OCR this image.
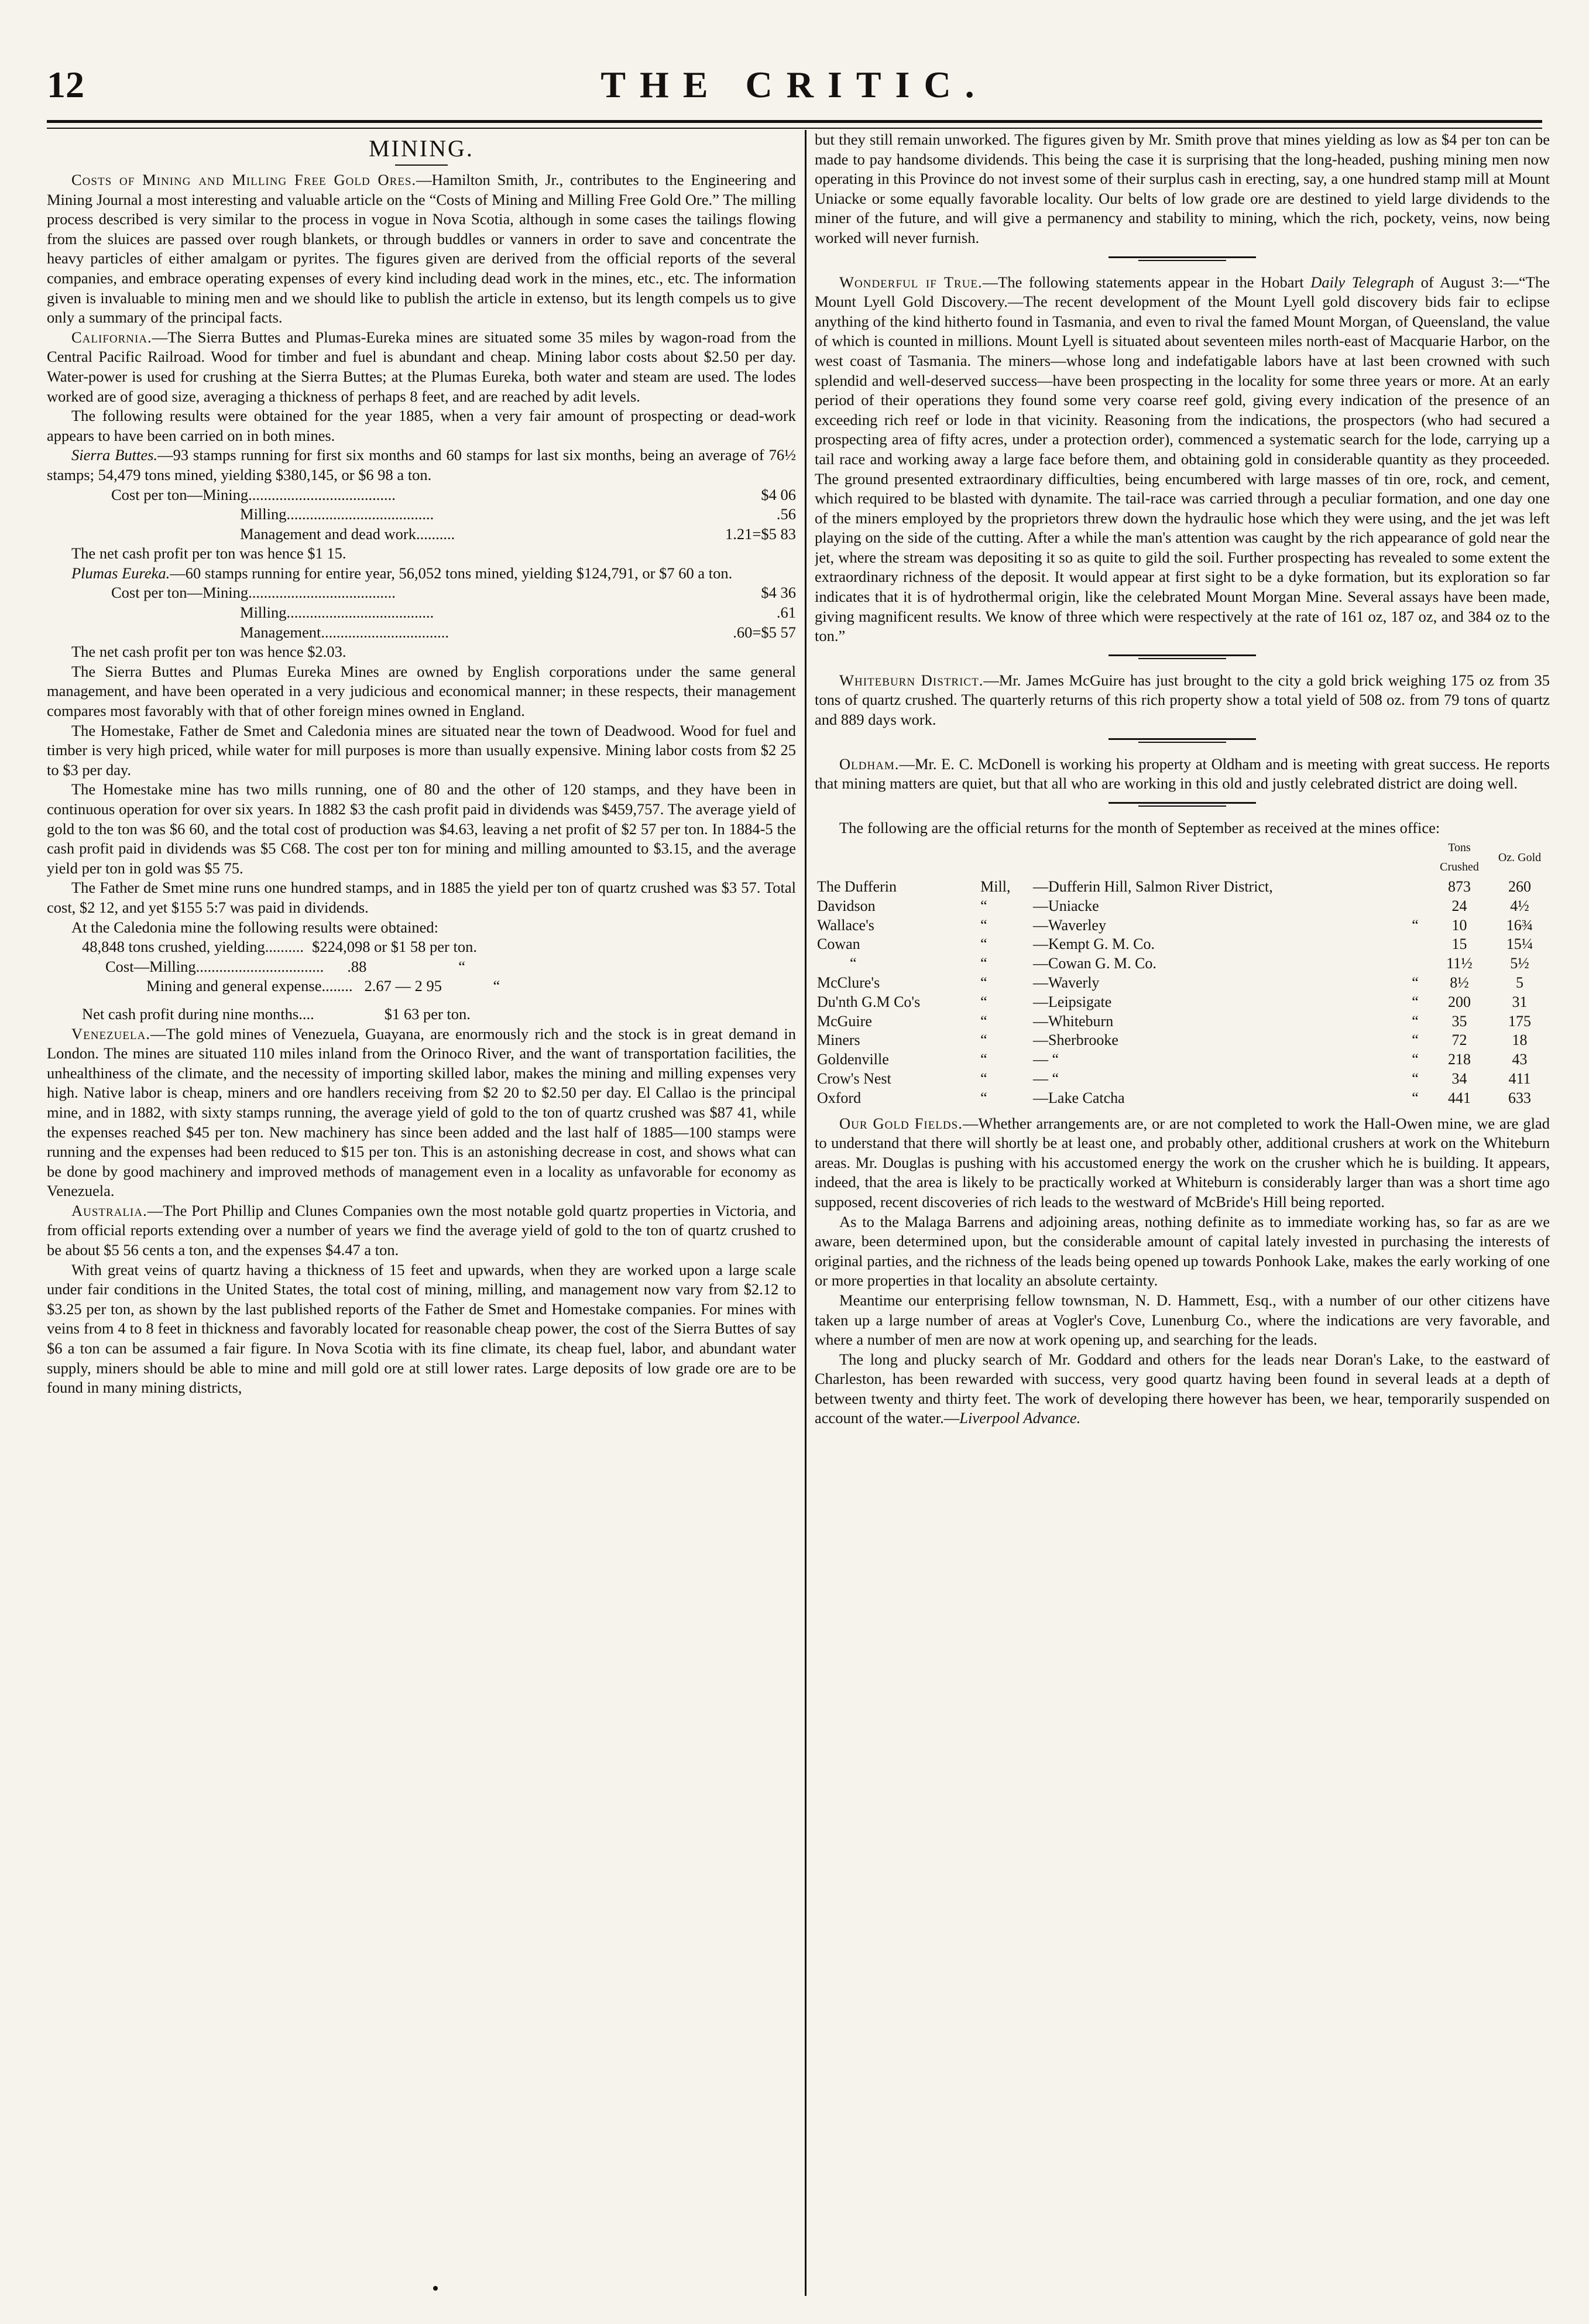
12	THE CRITIC.
MINING.

Costs of Mining and Milling Free Gold Ores.—Hamilton Smith, Jr., contributes to the Engineering and Mining Journal a most interesting and valuable article on the “Costs of Mining and Milling Free Gold Ore.” The milling process described is very similar to the process in vogue in Nova Scotia, although in some cases the tailings flowing from the sluices are passed over rough blankets, or through buddles or vanners in order to save and concentrate the heavy particles of either amalgam or pyrites. The figures given are derived from the official reports of the several companies, and embrace operating expenses of every kind including dead work in the mines, etc., etc. The information given is invaluable to mining men and we should like to publish the article in extenso, but its length compels us to give only a summary of the principal facts.

California.—The Sierra Buttes and Plumas-Eureka mines are situated some 35 miles by wagon-road from the Central Pacific Railroad. Wood for timber and fuel is abundant and cheap. Mining labor costs about $2.50 per day. Water-power is used for crushing at the Sierra Buttes; at the Plumas Eureka, both water and steam are used. The lodes worked are of good size, averaging a thickness of perhaps 8 feet, and are reached by adit levels.

The following results were obtained for the year 1885, when a very fair amount of prospecting or dead-work appears to have been carried on in both mines.

Sierra Buttes.—93 stamps running for first six months and 60 stamps for last six months, being an average of 76½ stamps; 54,479 tons mined, yielding $380,145, or $6 98 a ton.

Cost per ton— Mining......................................	$4 06
Milling......................................	.56
Management and dead work..........	1.21=$5 83

The net cash profit per ton was hence $1 15.

Plumas Eureka.—60 stamps running for entire year, 56,052 tons mined, yielding $124,791, or $7 60 a ton.

Cost per ton— Mining......................................	$4 36
Milling......................................	.61
Management.................................	.60=$5 57

The net cash profit per ton was hence $2.03.

The Sierra Buttes and Plumas Eureka Mines are owned by English corporations under the same general management, and have been operated in a very judicious and economical manner; in these respects, their management compares most favorably with that of other foreign mines owned in England.

The Homestake, Father de Smet and Caledonia mines are situated near the town of Deadwood. Wood for fuel and timber is very high priced, while water for mill purposes is more than usually expensive. Mining labor costs from $2 25 to $3 per day.

The Homestake mine has two mills running, one of 80 and the other of 120 stamps, and they have been in continuous operation for over six years. In 1882 $3 the cash profit paid in dividends was $459,757. The average yield of gold to the ton was $6 60, and the total cost of production was $4.63, leaving a net profit of $2 57 per ton. In 1884-5 the cash profit paid in dividends was $5 C68. The cost per ton for mining and milling amounted to $3.15, and the average yield per ton in gold was $5 75.

The Father de Smet mine runs one hundred stamps, and in 1885 the yield per ton of quartz crushed was $3 57. Total cost, $2 12, and yet $155 5:7 was paid in dividends.

At the Caledonia mine the following results were obtained:

48,848 tons crushed, yielding.......... $224,098 or $1 58 per ton.
Cost—Milling................................. .88	“
Mining and general expense........ 2.67 — 2 95	“
Net cash profit during nine months....	$1 63 per ton.

Venezuela.—The gold mines of Venezuela, Guayana, are enormously rich and the stock is in great demand in London. The mines are situated 110 miles inland from the Orinoco River, and the want of transportation facilities, the unhealthiness of the climate, and the necessity of importing skilled labor, makes the mining and milling expenses very high. Native labor is cheap, miners and ore handlers receiving from $2 20 to $2.50 per day. El Callao is the principal mine, and in 1882, with sixty stamps running, the average yield of gold to the ton of quartz crushed was $87 41, while the expenses reached $45 per ton. New machinery has since been added and the last half of 1885—100 stamps were running and the expenses had been reduced to $15 per ton. This is an astonishing decrease in cost, and shows what can be done by good machinery and improved methods of management even in a locality as unfavorable for economy as Venezuela.

Australia.—The Port Phillip and Clunes Companies own the most notable gold quartz properties in Victoria, and from official reports extending over a number of years we find the average yield of gold to the ton of quartz crushed to be about $5 56 cents a ton, and the expenses $4.47 a ton.

With great veins of quartz having a thickness of 15 feet and upwards, when they are worked upon a large scale under fair conditions in the United States, the total cost of mining, milling, and management now vary from $2.12 to $3.25 per ton, as shown by the last published reports of the Father de Smet and Homestake companies. For mines with veins from 4 to 8 feet in thickness and favorably located for reasonable cheap power, the cost of the Sierra Buttes of say $6 a ton can be assumed a fair figure. In Nova Scotia with its fine climate, its cheap fuel, labor, and abundant water supply, miners should be able to mine and mill gold ore at still lower rates. Large deposits of low grade ore are to be found in many mining districts,

but they still remain unworked. The figures given by Mr. Smith prove that mines yielding as low as $4 per ton can be made to pay handsome dividends. This being the case it is surprising that the long-headed, pushing mining men now operating in this Province do not invest some of their surplus cash in erecting, say, a one hundred stamp mill at Mount Uniacke or some equally favorable locality. Our belts of low grade ore are destined to yield large dividends to the miner of the future, and will give a permanency and stability to mining, which the rich, pockety, veins, now being worked will never furnish.

Wonderful if True.—The following statements appear in the Hobart Daily Telegraph of August 3:—“The Mount Lyell Gold Discovery.—The recent development of the Mount Lyell gold discovery bids fair to eclipse anything of the kind hitherto found in Tasmania, and even to rival the famed Mount Morgan, of Queensland, the value of which is counted in millions. Mount Lyell is situated about seventeen miles north-east of Macquarie Harbor, on the west coast of Tasmania. The miners—whose long and indefatigable labors have at last been crowned with such splendid and well-deserved success—have been prospecting in the locality for some three years or more. At an early period of their operations they found some very coarse reef gold, giving every indication of the presence of an exceeding rich reef or lode in that vicinity. Reasoning from the indications, the prospectors (who had secured a prospecting area of fifty acres, under a protection order), commenced a systematic search for the lode, carrying up a tail race and working away a large face before them, and obtaining gold in considerable quantity as they proceeded. The ground presented extraordinary difficulties, being encumbered with large masses of tin ore, rock, and cement, which required to be blasted with dynamite. The tail-race was carried through a peculiar formation, and one day one of the miners employed by the proprietors threw down the hydraulic hose which they were using, and the jet was left playing on the side of the cutting. After a while the man's attention was caught by the rich appearance of gold near the jet, where the stream was depositing it so as quite to gild the soil. Further prospecting has revealed to some extent the extraordinary richness of the deposit. It would appear at first sight to be a dyke formation, but its exploration so far indicates that it is of hydrothermal origin, like the celebrated Mount Morgan Mine. Several assays have been made, giving magnificent results. We know of three which were respectively at the rate of 161 oz, 187 oz, and 384 oz to the ton.”

Whiteburn District.—Mr. James McGuire has just brought to the city a gold brick weighing 175 oz from 35 tons of quartz crushed. The quarterly returns of this rich property show a total yield of 508 oz. from 79 tons of quartz and 889 days work.

Oldham.—Mr. E. C. McDonell is working his property at Oldham and is meeting with great success. He reports that mining matters are quiet, but that all who are working in this old and justly celebrated district are doing well.

The following are the official returns for the month of September as received at the mines office:

				Tons Crushed	Oz. Gold
The Dufferin	Mill,	—Dufferin Hill, Salmon River District,		873	260
Davidson	“	—Uniacke		24	4½
Wallace's	“	—Waverley	“	10	16¾
Cowan	“	—Kempt G. M. Co.		15	15¼
“	“	—Cowan G. M. Co.		11½	5½
McClure's	“	—Waverly	“	8½	5
Du'nth G.M Co's	“	—Leipsigate	“	200	31
McGuire	“	—Whiteburn	“	35	175
Miners	“	—Sherbrooke	“	72	18
Goldenville	“	— “	“	218	43
Crow's Nest	“	— “	“	34	411
Oxford	“	—Lake Catcha	“	441	633

Our Gold Fields.—Whether arrangements are, or are not completed to work the Hall-Owen mine, we are glad to understand that there will shortly be at least one, and probably other, additional crushers at work on the Whiteburn areas. Mr. Douglas is pushing with his accustomed energy the work on the crusher which he is building. It appears, indeed, that the area is likely to be practically worked at Whiteburn is considerably larger than was a short time ago supposed, recent discoveries of rich leads to the westward of McBride's Hill being reported.

As to the Malaga Barrens and adjoining areas, nothing definite as to immediate working has, so far as are we aware, been determined upon, but the considerable amount of capital lately invested in purchasing the interests of original parties, and the richness of the leads being opened up towards Ponhook Lake, makes the early working of one or more properties in that locality an absolute certainty.

Meantime our enterprising fellow townsman, N. D. Hammett, Esq., with a number of our other citizens have taken up a large number of areas at Vogler's Cove, Lunenburg Co., where the indications are very favorable, and where a number of men are now at work opening up, and searching for the leads.

The long and plucky search of Mr. Goddard and others for the leads near Doran's Lake, to the eastward of Charleston, has been rewarded with success, very good quartz having been found in several leads at a depth of between twenty and thirty feet. The work of developing there however has been, we hear, temporarily suspended on account of the water.—Liverpool Advance.
